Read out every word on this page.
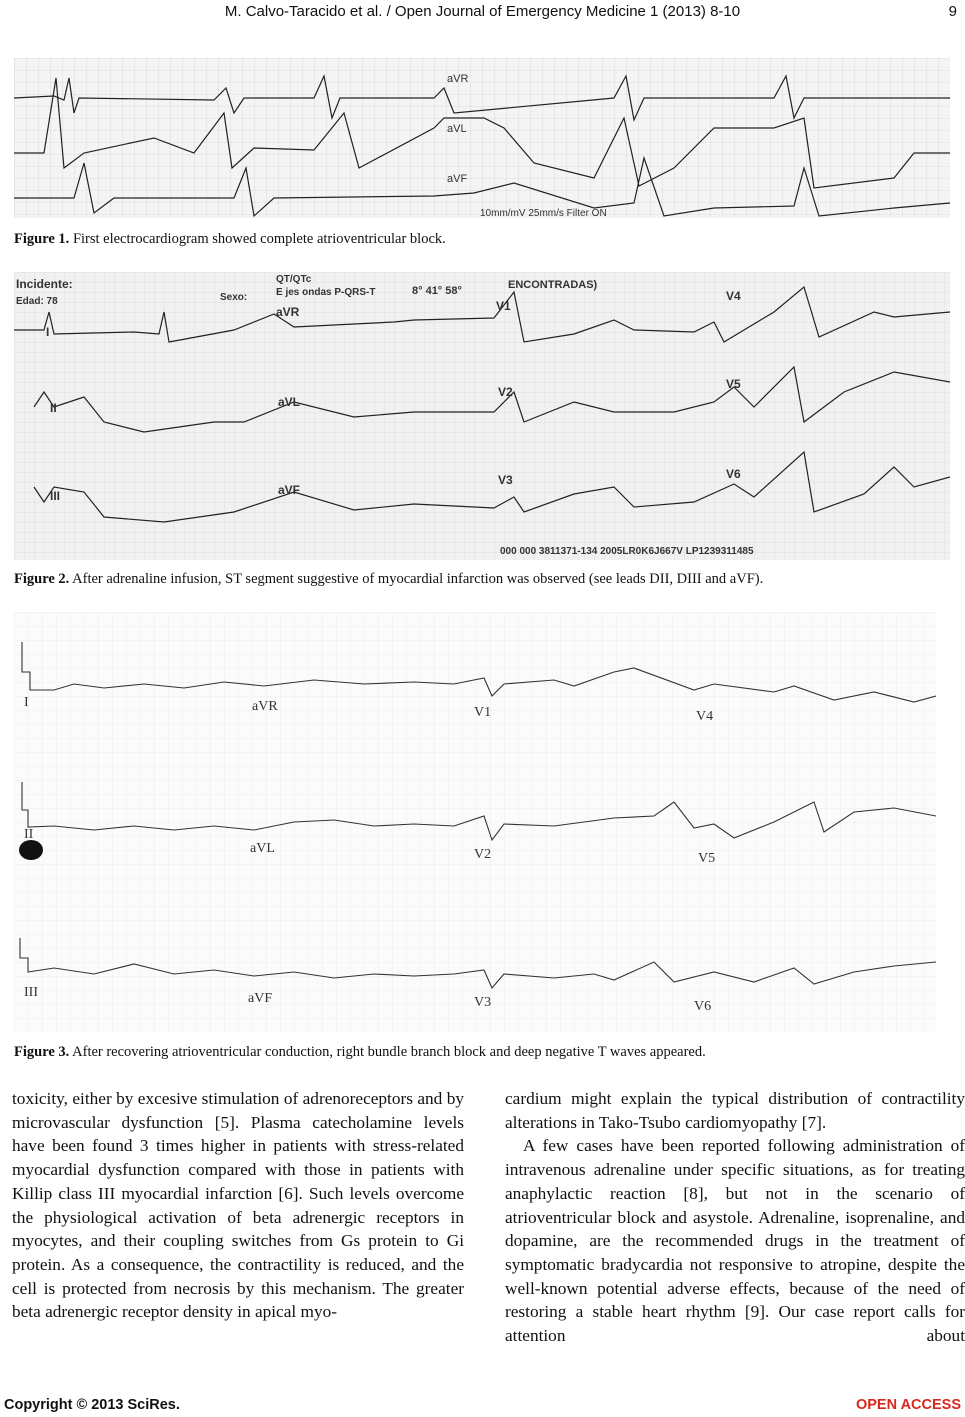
M. Calvo-Taracido et al. / Open Journal of Emergency Medicine 1 (2013) 8-10	9
aVR
aVL
aVF
10mm/mV 25mm/s Filter ON
Figure 1. First electrocardiogram showed complete atrioventricular block.
Incidente:
Edad: 78	Sexo:
QT/QTc
E jes ondas P-QRS-T	8° 41° 58°	ENCONTRADAS)
I
aVR	V1
V4
II	aVL
V2
V5
III	aVF
V3	V6
000 000 3811371-134 2005LR0K6J667V LP1239311485
Figure 2. After adrenaline infusion, ST segment suggestive of myocardial infarction was observed (see leads DII, DIII and aVF).
I	aVR	V1	V4
II
aVL	V2	V5
III	aVF	V3	V6
Figure 3. After recovering atrioventricular conduction, right bundle branch block and deep negative T waves appeared.

toxicity, either by excesive stimulation of adrenoreceptors and by microvascular dysfunction [5]. Plasma catecholamine levels have been found 3 times higher in patients with stress-related myocardial dysfunction compared with those in patients with Killip class III myocardial infarction [6]. Such levels overcome the physiological activation of beta adrenergic receptors in myocytes, and their coupling switches from Gs protein to Gi protein. As a consequence, the contractility is reduced, and the cell is protected from necrosis by this mechanism. The greater beta adrenergic receptor density in apical myo-

cardium might explain the typical distribution of contractility alterations in Tako-Tsubo cardiomyopathy [7].

A few cases have been reported following administration of intravenous adrenaline under specific situations, as for treating anaphylactic reaction [8], but not in the scenario of atrioventricular block and asystole. Adrenaline, isoprenaline, and dopamine, are the recommended drugs in the treatment of symptomatic bradycardia not responsive to atropine, despite the well-known potential adverse effects, because of the need of restoring a stable heart rhythm [9]. Our case report calls for attention about

Copyright © 2013 SciRes.	OPEN ACCESS
